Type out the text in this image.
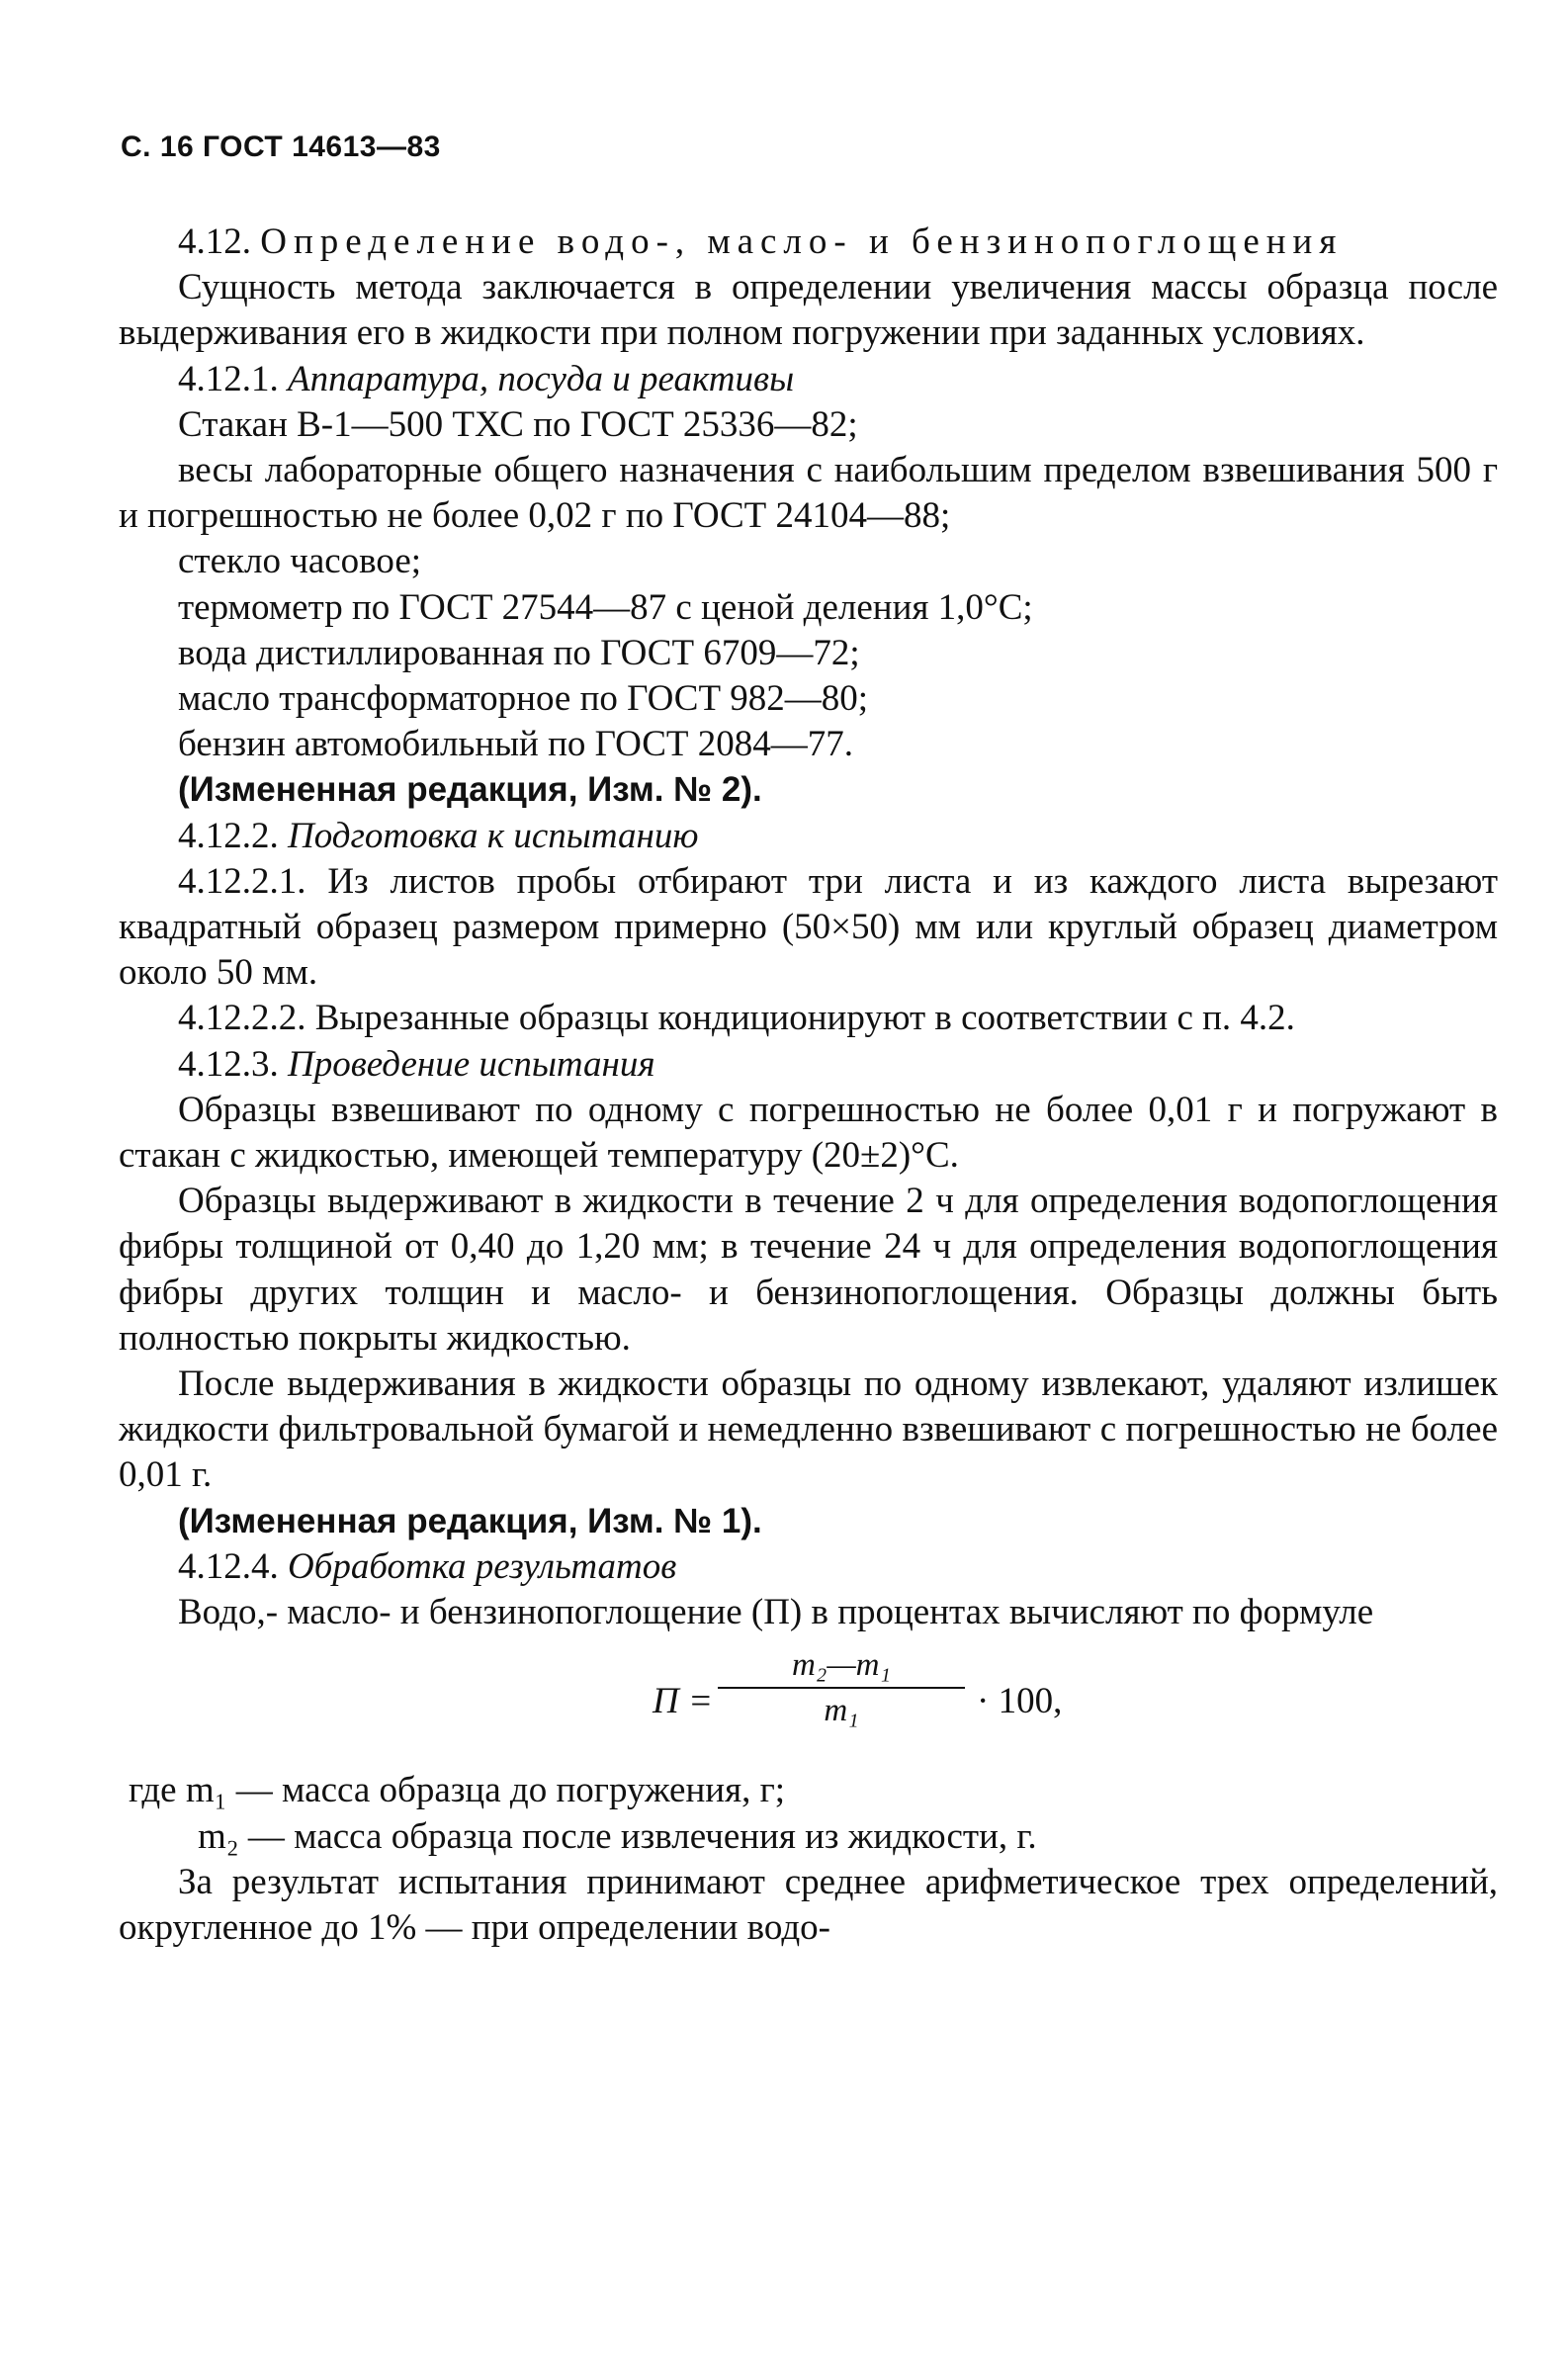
С. 16 ГОСТ 14613—83

4.12. Определение водо-, масло- и бензинопоглощения

Сущность метода заключается в определении увеличения массы образца после выдерживания его в жидкости при полном погружении при заданных условиях.

4.12.1. Аппаратура, посуда и реактивы

Стакан В-1—500 ТХС по ГОСТ 25336—82;

весы лабораторные общего назначения с наибольшим пределом взвешивания 500 г и погрешностью не более 0,02 г по ГОСТ 24104—88;

стекло часовое;

термометр по ГОСТ 27544—87 с ценой деления 1,0°С;

вода дистиллированная по ГОСТ 6709—72;

масло трансформаторное по ГОСТ 982—80;

бензин автомобильный по ГОСТ 2084—77.

(Измененная редакция, Изм. № 2).

4.12.2. Подготовка к испытанию

4.12.2.1. Из листов пробы отбирают три листа и из каждого листа вырезают квадратный образец размером примерно (50×50) мм или круглый образец диаметром около 50 мм.

4.12.2.2. Вырезанные образцы кондиционируют в соответствии с п. 4.2.

4.12.3. Проведение испытания

Образцы взвешивают по одному с погрешностью не более 0,01 г и погружают в стакан с жидкостью, имеющей температуру (20±2)°С.

Образцы выдерживают в жидкости в течение 2 ч для определения водопоглощения фибры толщиной от 0,40 до 1,20 мм; в течение 24 ч для определения водопоглощения фибры других толщин и масло- и бензинопоглощения. Образцы должны быть полностью покрыты жидкостью.

После выдерживания в жидкости образцы по одному извлекают, удаляют излишек жидкости фильтровальной бумагой и немедленно взвешивают с погрешностью не более 0,01 г.

(Измененная редакция, Изм. № 1).

4.12.4. Обработка результатов

Водо,- масло- и бензинопоглощение (П) в процентах вычисляют по формуле

$П = \frac{\text{m₂—m₁}}{\text{m₁}} \cdot 100$,

где m₁ — масса образца до погружения, г;

m₂ — масса образца после извлечения из жидкости, г.

За результат испытания принимают среднее арифметическое трех определений, округленное до 1% — при определении водо-
